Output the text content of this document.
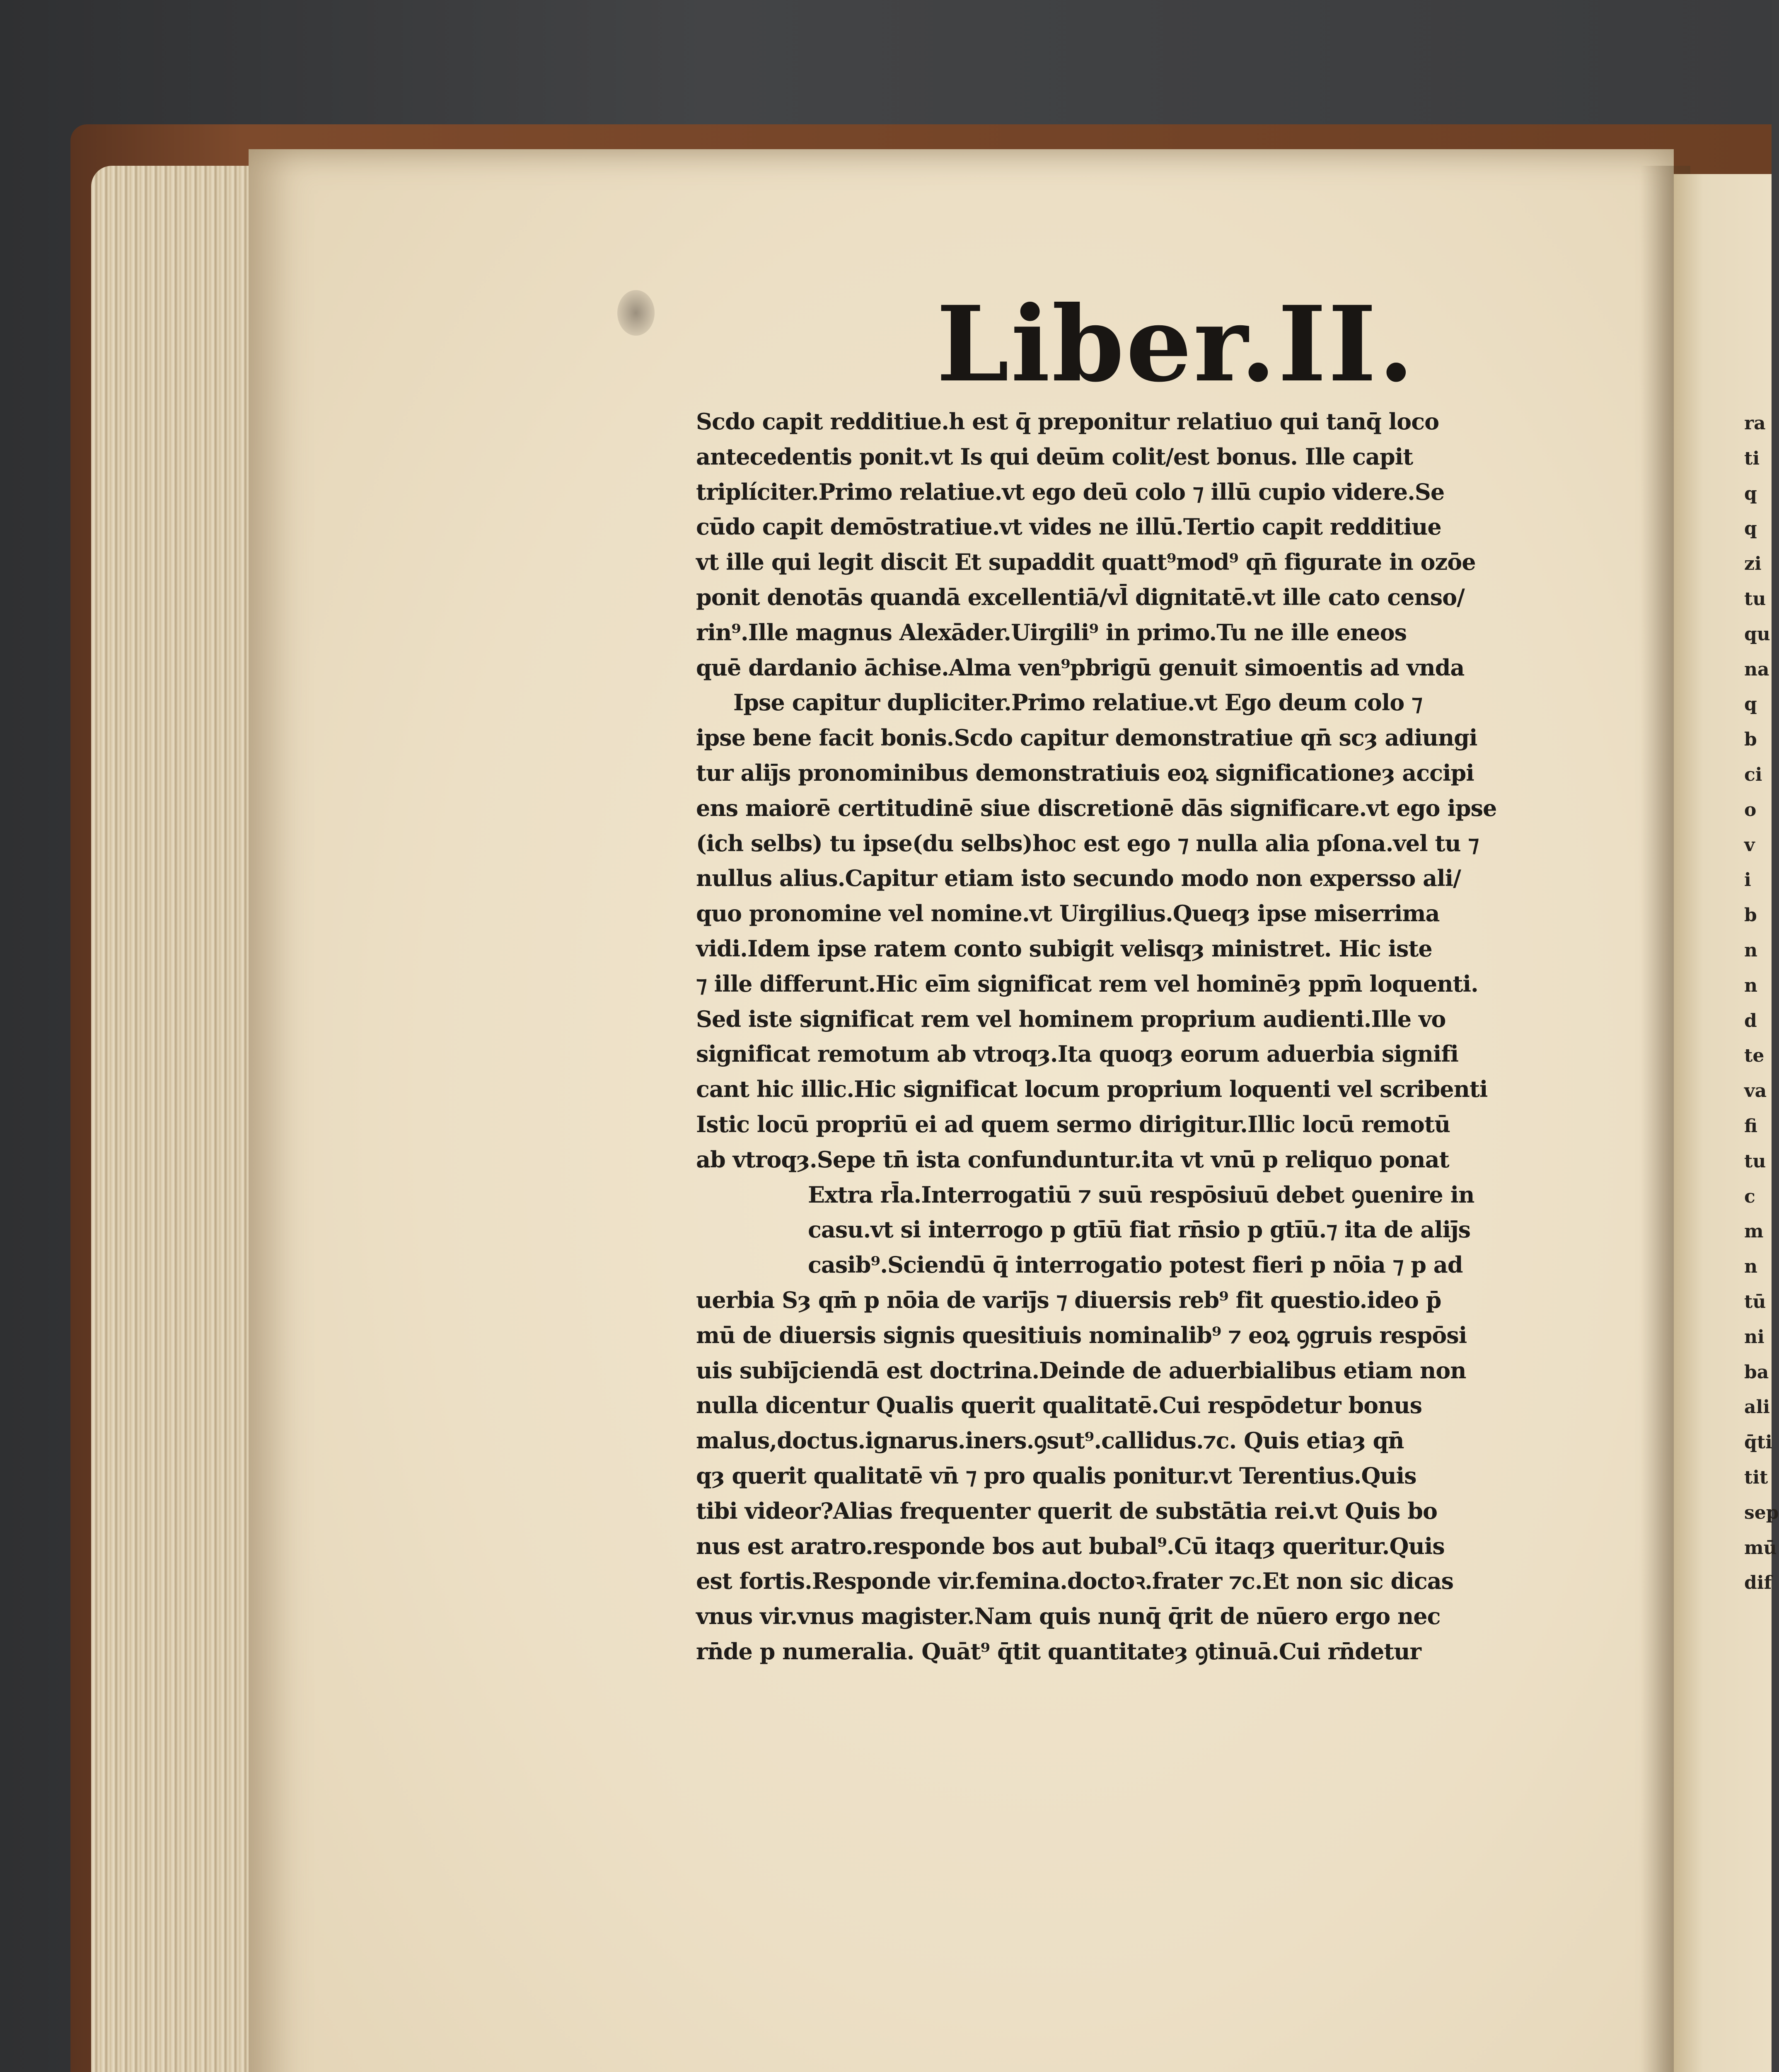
Liber.II.
Scdo capit redditiue.h est q̄ preponitur relatiuo qui tanq̄ loco
antecedentis ponit.vt Is qui deūm colit/est bonus. Ille capit
triplíciter.Primo relatiue.vt ego deū colo ⁊ illū cupio videre.Se
cūdo capit demōstratiue.vt vides ne illū.Tertio capit redditiue
vt ille qui legit discit Et supaddit quatt⁹mod⁹ qn̄ figurate in ozōe
ponit denotās quandā excellentiā/vl̄ dignitatē.vt ille cato censo/
rin⁹.Ille magnus Alexāder.Uirgili⁹ in primo.Tu ne ille eneos
quē dardanio āchise.Alma ven⁹pbrigū genuit simoentis ad vnda
Ipse capitur dupliciter.Primo relatiue.vt Ego deum colo ⁊
ipse bene facit bonis.Scdo capitur demonstratiue qn̄ scȝ adiungi
tur aliȷ̄s pronominibus demonstratiuis eoꝝ significationeȝ accipi
ens maiorē certitudinē siue discretionē dās significare.vt ego ipse
(ich selbs) tu ipse(du selbs)hoc est ego ⁊ nulla alia pſona.vel tu ⁊
nullus alius.Capitur etiam isto secundo modo non expersso ali/
quo pronomine vel nomine.vt Uirgilius.Queqȝ ipse miserrima
vidi.Idem ipse ratem conto subigit velisqȝ ministret. Hic iste
⁊ ille differunt.Hic eīm significat rem vel hominēȝ ppm̄ loquenti.
Sed iste significat rem vel hominem proprium audienti.Ille vo
significat remotum ab vtroqȝ.Ita quoqȝ eorum aduerbia signifi
cant hic illic.Hic significat locum proprium loquenti vel scribenti
Istic locū propriū ei ad quem sermo dirigitur.Illic locū remotū
ab vtroqȝ.Sepe tn̄ ista confunduntur.ita vt vnū p reliquo ponat
Extra rl̄a.Interrogatiū ⁊ suū respōsiuū debet ꝯuenire in
casu.vt si interrogo p gtīū fiat rn̄sio p gtīū.⁊ ita de aliȷ̄s
casib⁹.Sciendū q̄ interrogatio potest fieri p nōia ⁊ p ad
uerbia Sȝ qm̄ p nōia de variȷ̄s ⁊ diuersis reb⁹ fit questio.ideo p̄
mū de diuersis signis quesitiuis nominalib⁹ ⁊ eoꝝ ꝯgruis respōsi
uis subiȷ̄ciendā est doctrina.Deinde de aduerbialibus etiam non
nulla dicentur Qualis querit qualitatē.Cui respōdetur bonus
malus,doctus.ignarus.iners.ꝯsut⁹.callidus.⁊c. Quis etiaȝ qn̄
qȝ querit qualitatē vn̄ ⁊ pro qualis ponitur.vt Terentius.Quis
tibi videor?Alias frequenter querit de substātia rei.vt Quis bo
nus est aratro.responde bos aut bubal⁹.Cū itaqȝ queritur.Quis
est fortis.Responde vir.femina.doctoꝛ.frater ⁊c.Et non sic dicas
vnus vir.vnus magister.Nam quis nunq̄ q̄rit de nūero ergo nec
rn̄de p numeralia. Quāt⁹ q̄tit quantitateȝ ꝯtinuā.Cui rn̄detur
ra
ti
q
q
zi
tu
qu
na
q
b
ci
o
v
i
b
n
n
d
te
va
fi
tu
c
m
n
tū
ni
ba
ali
q̄ti
tit
sep
mū
dif
